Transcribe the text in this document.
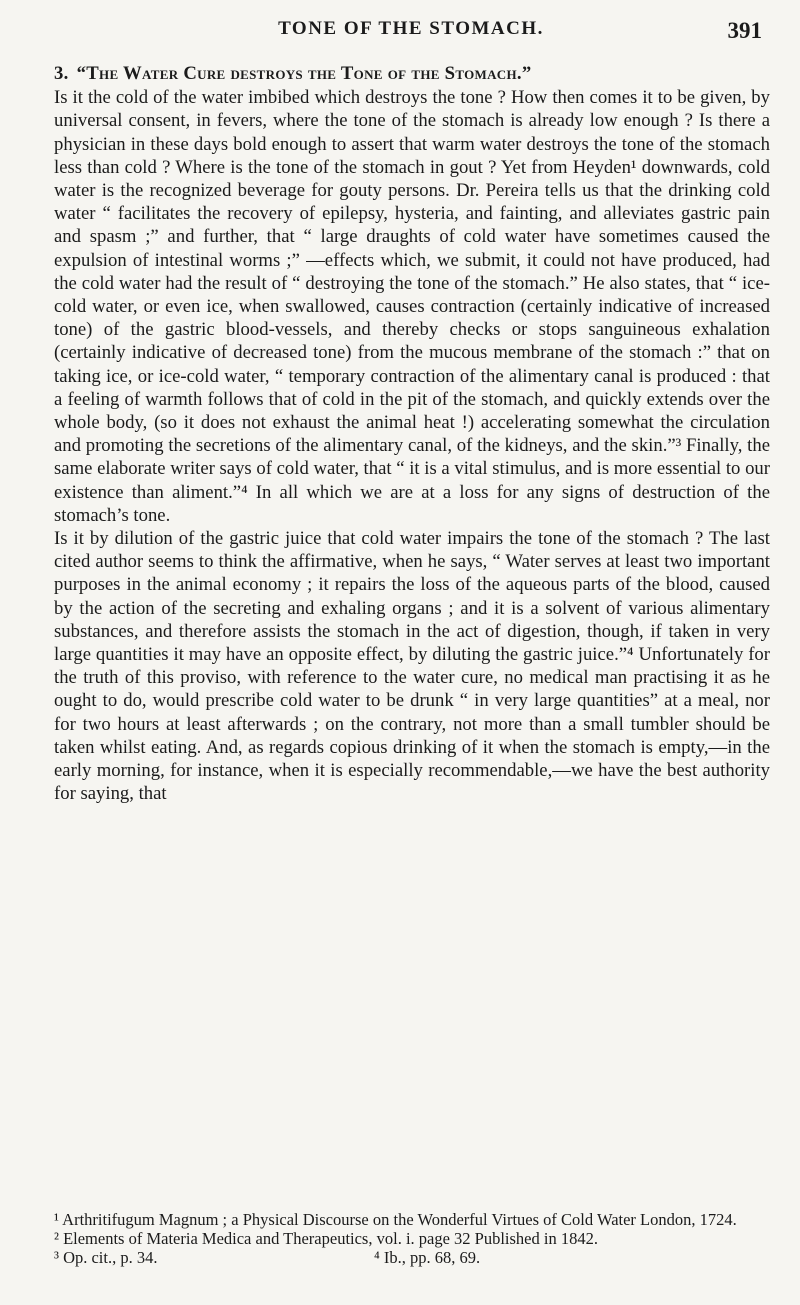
TONE OF THE STOMACH.	391

3. “The Water Cure destroys the Tone of the Stomach.”

Is it the cold of the water imbibed which destroys the tone ? How then comes it to be given, by universal consent, in fevers, where the tone of the stomach is already low enough ? Is there a physician in these days bold enough to assert that warm water destroys the tone of the stomach less than cold ? Where is the tone of the stomach in gout ? Yet from Heyden¹ downwards, cold water is the recognized beverage for gouty persons. Dr. Pereira tells us that the drinking cold water “ facilitates the recovery of epilepsy, hysteria, and fainting, and alleviates gastric pain and spasm ;” and further, that “ large draughts of cold water have sometimes caused the expulsion of intestinal worms ;” —effects which, we submit, it could not have produced, had the cold water had the result of “ destroying the tone of the stomach.” He also states, that “ ice-cold water, or even ice, when swallowed, causes contraction (certainly indicative of increased tone) of the gastric blood-vessels, and thereby checks or stops sanguineous exhalation (certainly indicative of decreased tone) from the mucous membrane of the stomach :” that on taking ice, or ice-cold water, “ temporary contraction of the alimentary canal is produced : that a feeling of warmth follows that of cold in the pit of the stomach, and quickly extends over the whole body, (so it does not exhaust the animal heat !) accelerating somewhat the circulation and promoting the secretions of the alimentary canal, of the kidneys, and the skin.”³ Finally, the same elaborate writer says of cold water, that “ it is a vital stimulus, and is more essential to our existence than aliment.”⁴ In all which we are at a loss for any signs of destruction of the stomach’s tone.

Is it by dilution of the gastric juice that cold water impairs the tone of the stomach ? The last cited author seems to think the affirmative, when he says, “ Water serves at least two important purposes in the animal economy ; it repairs the loss of the aqueous parts of the blood, caused by the action of the secreting and exhaling organs ; and it is a solvent of various alimentary substances, and therefore assists the stomach in the act of digestion, though, if taken in very large quantities it may have an opposite effect, by diluting the gastric juice.”⁴ Unfortunately for the truth of this proviso, with reference to the water cure, no medical man practising it as he ought to do, would prescribe cold water to be drunk “ in very large quantities” at a meal, nor for two hours at least afterwards ; on the contrary, not more than a small tumbler should be taken whilst eating. And, as regards copious drinking of it when the stomach is empty,—in the early morning, for instance, when it is especially recommendable,—we have the best authority for saying, that

¹ Arthritifugum Magnum ; a Physical Discourse on the Wonderful Virtues of Cold Water London, 1724.

² Elements of Materia Medica and Therapeutics, vol. i. page 32 Published in 1842.

³ Op. cit., p. 34.	⁴ Ib., pp. 68, 69.
